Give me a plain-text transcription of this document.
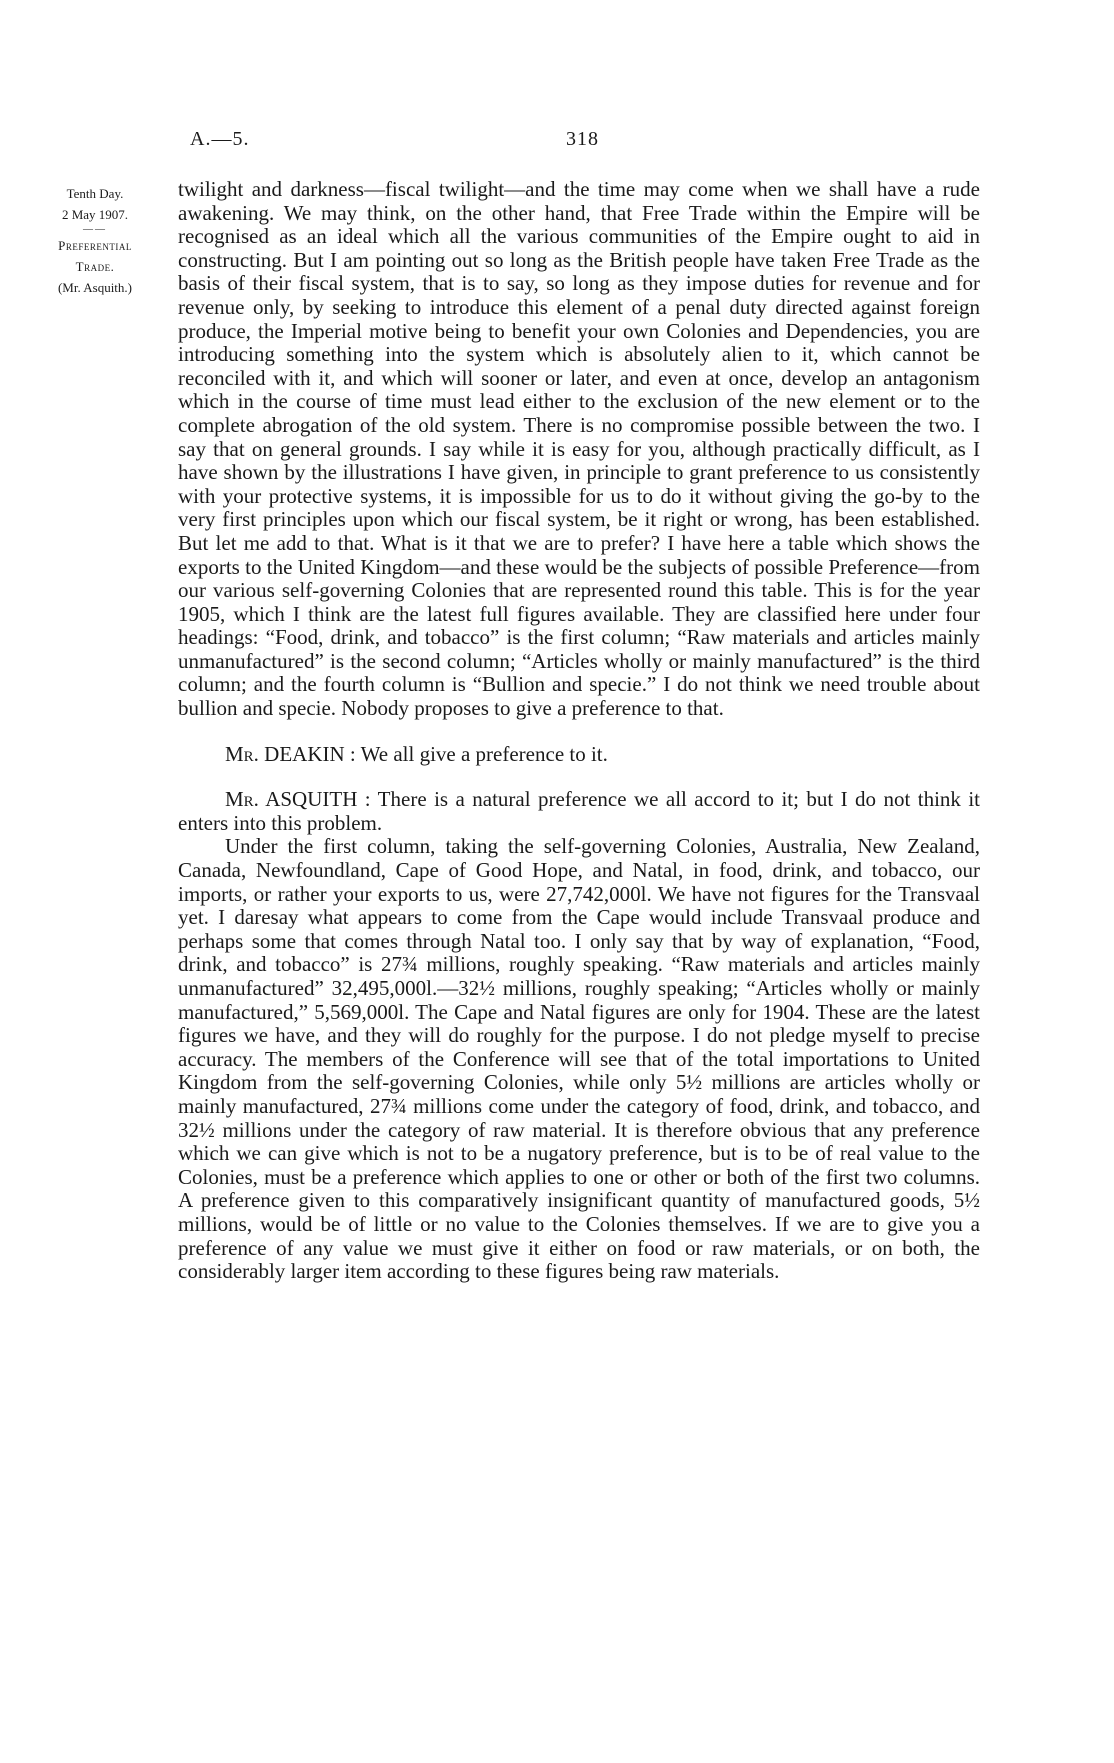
A.—5.	318
Tenth Day.
2 May 1907.
——
Preferential
Trade.
(Mr. Asquith.)

twilight and darkness—fiscal twilight—and the time may come when we shall have a rude awakening. We may think, on the other hand, that Free Trade within the Empire will be recognised as an ideal which all the various communities of the Empire ought to aid in constructing. But I am pointing out so long as the British people have taken Free Trade as the basis of their fiscal system, that is to say, so long as they impose duties for revenue and for revenue only, by seeking to introduce this element of a penal duty directed against foreign produce, the Imperial motive being to benefit your own Colonies and Dependencies, you are introducing something into the system which is absolutely alien to it, which cannot be reconciled with it, and which will sooner or later, and even at once, develop an antagonism which in the course of time must lead either to the exclusion of the new element or to the complete abrogation of the old system. There is no compromise possible between the two. I say that on general grounds. I say while it is easy for you, although practically difficult, as I have shown by the illustrations I have given, in principle to grant preference to us consistently with your protective systems, it is impossible for us to do it without giving the go-by to the very first principles upon which our fiscal system, be it right or wrong, has been established. But let me add to that. What is it that we are to prefer? I have here a table which shows the exports to the United Kingdom—and these would be the subjects of possible Preference—from our various self-governing Colonies that are represented round this table. This is for the year 1905, which I think are the latest full figures available. They are classified here under four headings: “Food, drink, and tobacco” is the first column; “Raw materials and articles mainly unmanufactured” is the second column; “Articles wholly or mainly manufactured” is the third column; and the fourth column is “Bullion and specie.” I do not think we need trouble about bullion and specie. Nobody proposes to give a preference to that.

Mr. DEAKIN : We all give a preference to it.

Mr. ASQUITH : There is a natural preference we all accord to it; but I do not think it enters into this problem.

Under the first column, taking the self-governing Colonies, Australia, New Zealand, Canada, Newfoundland, Cape of Good Hope, and Natal, in food, drink, and tobacco, our imports, or rather your exports to us, were 27,742,000l. We have not figures for the Transvaal yet. I daresay what appears to come from the Cape would include Transvaal produce and perhaps some that comes through Natal too. I only say that by way of explanation, “Food, drink, and tobacco” is 27¾ millions, roughly speaking. “Raw materials and articles mainly unmanufactured” 32,495,000l.—32½ millions, roughly speaking; “Articles wholly or mainly manufactured,” 5,569,000l. The Cape and Natal figures are only for 1904. These are the latest figures we have, and they will do roughly for the purpose. I do not pledge myself to precise accuracy. The members of the Conference will see that of the total importations to United Kingdom from the self-governing Colonies, while only 5½ millions are articles wholly or mainly manufactured, 27¾ millions come under the category of food, drink, and tobacco, and 32½ millions under the category of raw material. It is therefore obvious that any preference which we can give which is not to be a nugatory preference, but is to be of real value to the Colonies, must be a preference which applies to one or other or both of the first two columns. A preference given to this comparatively insignificant quantity of manufactured goods, 5½ millions, would be of little or no value to the Colonies themselves. If we are to give you a preference of any value we must give it either on food or raw materials, or on both, the considerably larger item according to these figures being raw materials.
